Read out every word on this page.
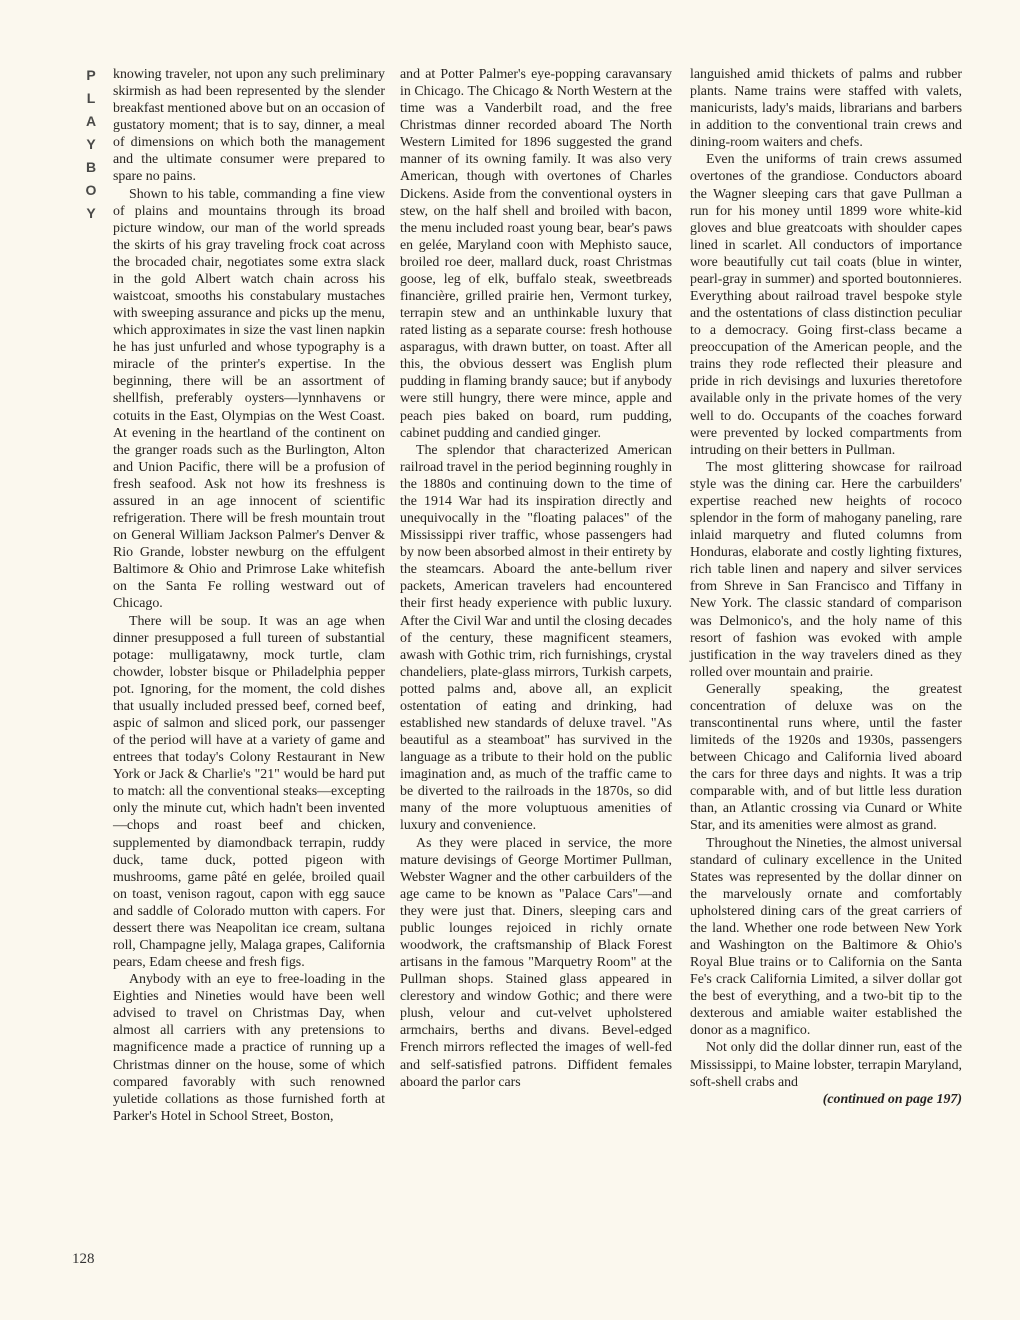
P
L
A
Y
B
O
Y

knowing traveler, not upon any such preliminary skirmish as had been represented by the slender breakfast mentioned above but on an occasion of gustatory moment; that is to say, dinner, a meal of dimensions on which both the management and the ultimate consumer were prepared to spare no pains.

Shown to his table, commanding a fine view of plains and mountains through its broad picture window, our man of the world spreads the skirts of his gray traveling frock coat across the brocaded chair, negotiates some extra slack in the gold Albert watch chain across his waistcoat, smooths his constabulary mustaches with sweeping assurance and picks up the menu, which approximates in size the vast linen napkin he has just unfurled and whose typography is a miracle of the printer's expertise. In the beginning, there will be an assortment of shellfish, preferably oysters—lynnhavens or cotuits in the East, Olympias on the West Coast. At evening in the heartland of the continent on the granger roads such as the Burlington, Alton and Union Pacific, there will be a profusion of fresh seafood. Ask not how its freshness is assured in an age innocent of scientific refrigeration. There will be fresh mountain trout on General William Jackson Palmer's Denver & Rio Grande, lobster newburg on the effulgent Baltimore & Ohio and Primrose Lake whitefish on the Santa Fe rolling westward out of Chicago.

There will be soup. It was an age when dinner presupposed a full tureen of substantial potage: mulligatawny, mock turtle, clam chowder, lobster bisque or Philadelphia pepper pot. Ignoring, for the moment, the cold dishes that usually included pressed beef, corned beef, aspic of salmon and sliced pork, our passenger of the period will have at a variety of game and entrees that today's Colony Restaurant in New York or Jack & Charlie's "21" would be hard put to match: all the conventional steaks—excepting only the minute cut, which hadn't been invented—chops and roast beef and chicken, supplemented by diamondback terrapin, ruddy duck, tame duck, potted pigeon with mushrooms, game pâté en gelée, broiled quail on toast, venison ragout, capon with egg sauce and saddle of Colorado mutton with capers. For dessert there was Neapolitan ice cream, sultana roll, Champagne jelly, Malaga grapes, California pears, Edam cheese and fresh figs.

Anybody with an eye to free-loading in the Eighties and Nineties would have been well advised to travel on Christmas Day, when almost all carriers with any pretensions to magnificence made a practice of running up a Christmas dinner on the house, some of which compared favorably with such renowned yuletide collations as those furnished forth at Parker's Hotel in School Street, Boston,

and at Potter Palmer's eye-popping caravansary in Chicago. The Chicago & North Western at the time was a Vanderbilt road, and the free Christmas dinner recorded aboard The North Western Limited for 1896 suggested the grand manner of its owning family. It was also very American, though with overtones of Charles Dickens. Aside from the conventional oysters in stew, on the half shell and broiled with bacon, the menu included roast young bear, bear's paws en gelée, Maryland coon with Mephisto sauce, broiled roe deer, mallard duck, roast Christmas goose, leg of elk, buffalo steak, sweetbreads financière, grilled prairie hen, Vermont turkey, terrapin stew and an unthinkable luxury that rated listing as a separate course: fresh hothouse asparagus, with drawn butter, on toast. After all this, the obvious dessert was English plum pudding in flaming brandy sauce; but if anybody were still hungry, there were mince, apple and peach pies baked on board, rum pudding, cabinet pudding and candied ginger.

The splendor that characterized American railroad travel in the period beginning roughly in the 1880s and continuing down to the time of the 1914 War had its inspiration directly and unequivocally in the "floating palaces" of the Mississippi river traffic, whose passengers had by now been absorbed almost in their entirety by the steamcars. Aboard the ante-bellum river packets, American travelers had encountered their first heady experience with public luxury. After the Civil War and until the closing decades of the century, these magnificent steamers, awash with Gothic trim, rich furnishings, crystal chandeliers, plate-glass mirrors, Turkish carpets, potted palms and, above all, an explicit ostentation of eating and drinking, had established new standards of deluxe travel. "As beautiful as a steamboat" has survived in the language as a tribute to their hold on the public imagination and, as much of the traffic came to be diverted to the railroads in the 1870s, so did many of the more voluptuous amenities of luxury and convenience.

As they were placed in service, the more mature devisings of George Mortimer Pullman, Webster Wagner and the other carbuilders of the age came to be known as "Palace Cars"—and they were just that. Diners, sleeping cars and public lounges rejoiced in richly ornate woodwork, the craftsmanship of Black Forest artisans in the famous "Marquetry Room" at the Pullman shops. Stained glass appeared in clerestory and window Gothic; and there were plush, velour and cut-velvet upholstered armchairs, berths and divans. Bevel-edged French mirrors reflected the images of well-fed and self-satisfied patrons. Diffident females aboard the parlor cars

languished amid thickets of palms and rubber plants. Name trains were staffed with valets, manicurists, lady's maids, librarians and barbers in addition to the conventional train crews and dining-room waiters and chefs.

Even the uniforms of train crews assumed overtones of the grandiose. Conductors aboard the Wagner sleeping cars that gave Pullman a run for his money until 1899 wore white-kid gloves and blue greatcoats with shoulder capes lined in scarlet. All conductors of importance wore beautifully cut tail coats (blue in winter, pearl-gray in summer) and sported boutonnieres. Everything about railroad travel bespoke style and the ostentations of class distinction peculiar to a democracy. Going first-class became a preoccupation of the American people, and the trains they rode reflected their pleasure and pride in rich devisings and luxuries theretofore available only in the private homes of the very well to do. Occupants of the coaches forward were prevented by locked compartments from intruding on their betters in Pullman.

The most glittering showcase for railroad style was the dining car. Here the carbuilders' expertise reached new heights of rococo splendor in the form of mahogany paneling, rare inlaid marquetry and fluted columns from Honduras, elaborate and costly lighting fixtures, rich table linen and napery and silver services from Shreve in San Francisco and Tiffany in New York. The classic standard of comparison was Delmonico's, and the holy name of this resort of fashion was evoked with ample justification in the way travelers dined as they rolled over mountain and prairie.

Generally speaking, the greatest concentration of deluxe was on the transcontinental runs where, until the faster limiteds of the 1920s and 1930s, passengers between Chicago and California lived aboard the cars for three days and nights. It was a trip comparable with, and of but little less duration than, an Atlantic crossing via Cunard or White Star, and its amenities were almost as grand.

Throughout the Nineties, the almost universal standard of culinary excellence in the United States was represented by the dollar dinner on the marvelously ornate and comfortably upholstered dining cars of the great carriers of the land. Whether one rode between New York and Washington on the Baltimore & Ohio's Royal Blue trains or to California on the Santa Fe's crack California Limited, a silver dollar got the best of everything, and a two-bit tip to the dexterous and amiable waiter established the donor as a magnifico.

Not only did the dollar dinner run, east of the Mississippi, to Maine lobster, terrapin Maryland, soft-shell crabs and

(continued on page 197)

128
